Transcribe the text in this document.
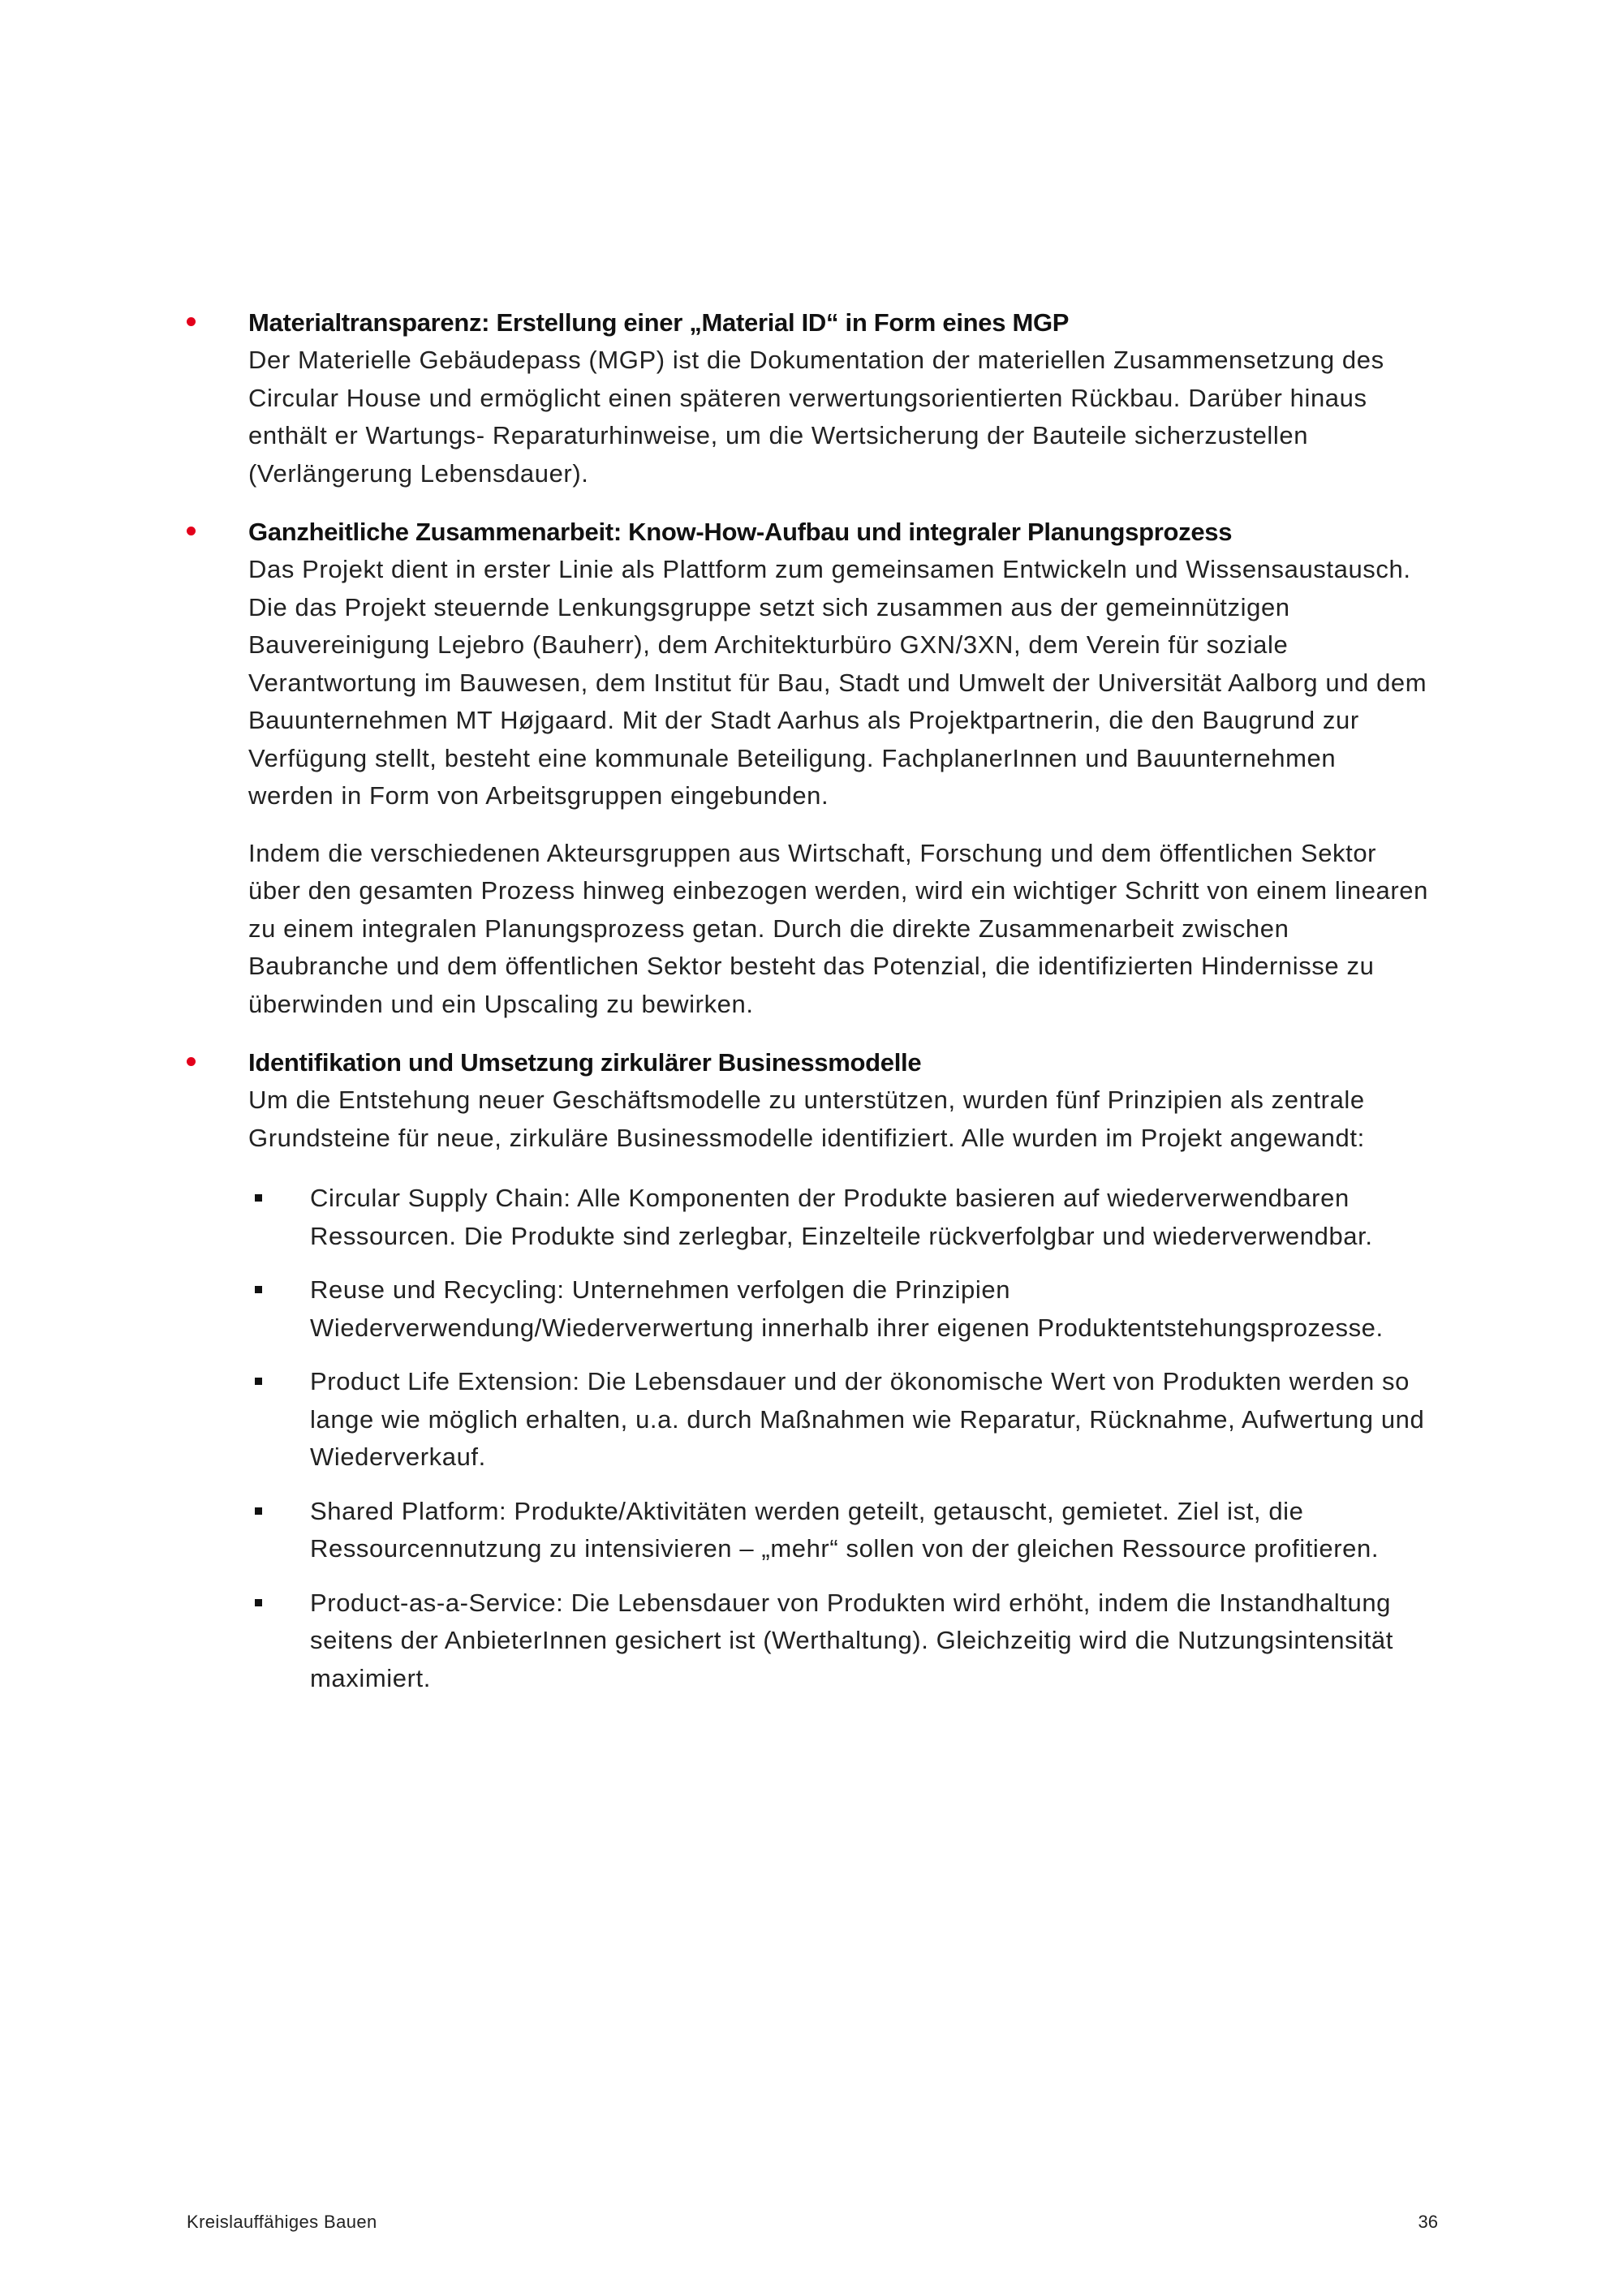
Materialtransparenz: Erstellung einer „Material ID“ in Form eines MGP

Der Materielle Gebäudepass (MGP) ist die Dokumentation der materiellen Zusammensetzung des Circular House und ermöglicht einen späteren verwertungsorientierten Rückbau. Darüber hinaus enthält er Wartungs- Reparaturhinweise, um die Wertsicherung der Bauteile sicherzustellen (Verlängerung Lebensdauer).

Ganzheitliche Zusammenarbeit: Know-How-Aufbau und integraler Planungsprozess

Das Projekt dient in erster Linie als Plattform zum gemeinsamen Entwickeln und Wissensaustausch. Die das Projekt steuernde Lenkungsgruppe setzt sich zusammen aus der gemeinnützigen Bauvereinigung Lejebro (Bauherr), dem Architekturbüro GXN/3XN, dem Verein für soziale Verantwortung im Bauwesen, dem Institut für Bau, Stadt und Umwelt der Universität Aalborg und dem Bauunternehmen MT Højgaard. Mit der Stadt Aarhus als Projektpartnerin, die den Baugrund zur Verfügung stellt, besteht eine kommunale Beteiligung. FachplanerInnen und Bauunternehmen werden in Form von Arbeitsgruppen eingebunden.

Indem die verschiedenen Akteursgruppen aus Wirtschaft, Forschung und dem öffentlichen Sektor über den gesamten Prozess hinweg einbezogen werden, wird ein wichtiger Schritt von einem linearen zu einem integralen Planungsprozess getan. Durch die direkte Zusammenarbeit zwischen Baubranche und dem öffentlichen Sektor besteht das Potenzial, die identifizierten Hindernisse zu überwinden und ein Upscaling zu bewirken.

Identifikation und Umsetzung zirkulärer Businessmodelle

Um die Entstehung neuer Geschäftsmodelle zu unterstützen, wurden fünf Prinzipien als zentrale Grundsteine für neue, zirkuläre Businessmodelle identifiziert. Alle wurden im Projekt angewandt:

Circular Supply Chain: Alle Komponenten der Produkte basieren auf wiederverwendbaren Ressourcen. Die Produkte sind zerlegbar, Einzelteile rückverfolgbar und wiederverwendbar.

Reuse und Recycling: Unternehmen verfolgen die Prinzipien Wiederverwendung/Wiederverwertung innerhalb ihrer eigenen Produktentstehungsprozesse.

Product Life Extension: Die Lebensdauer und der ökonomische Wert von Produkten werden so lange wie möglich erhalten, u.a. durch Maßnahmen wie Reparatur, Rücknahme, Aufwertung und Wiederverkauf.

Shared Platform: Produkte/Aktivitäten werden geteilt, getauscht, gemietet. Ziel ist, die Ressourcennutzung zu intensivieren – „mehr“ sollen von der gleichen Ressource profitieren.

Product-as-a-Service: Die Lebensdauer von Produkten wird erhöht, indem die Instandhaltung seitens der AnbieterInnen gesichert ist (Werthaltung). Gleichzeitig wird die Nutzungsintensität maximiert.

Kreislauffähiges Bauen	36
